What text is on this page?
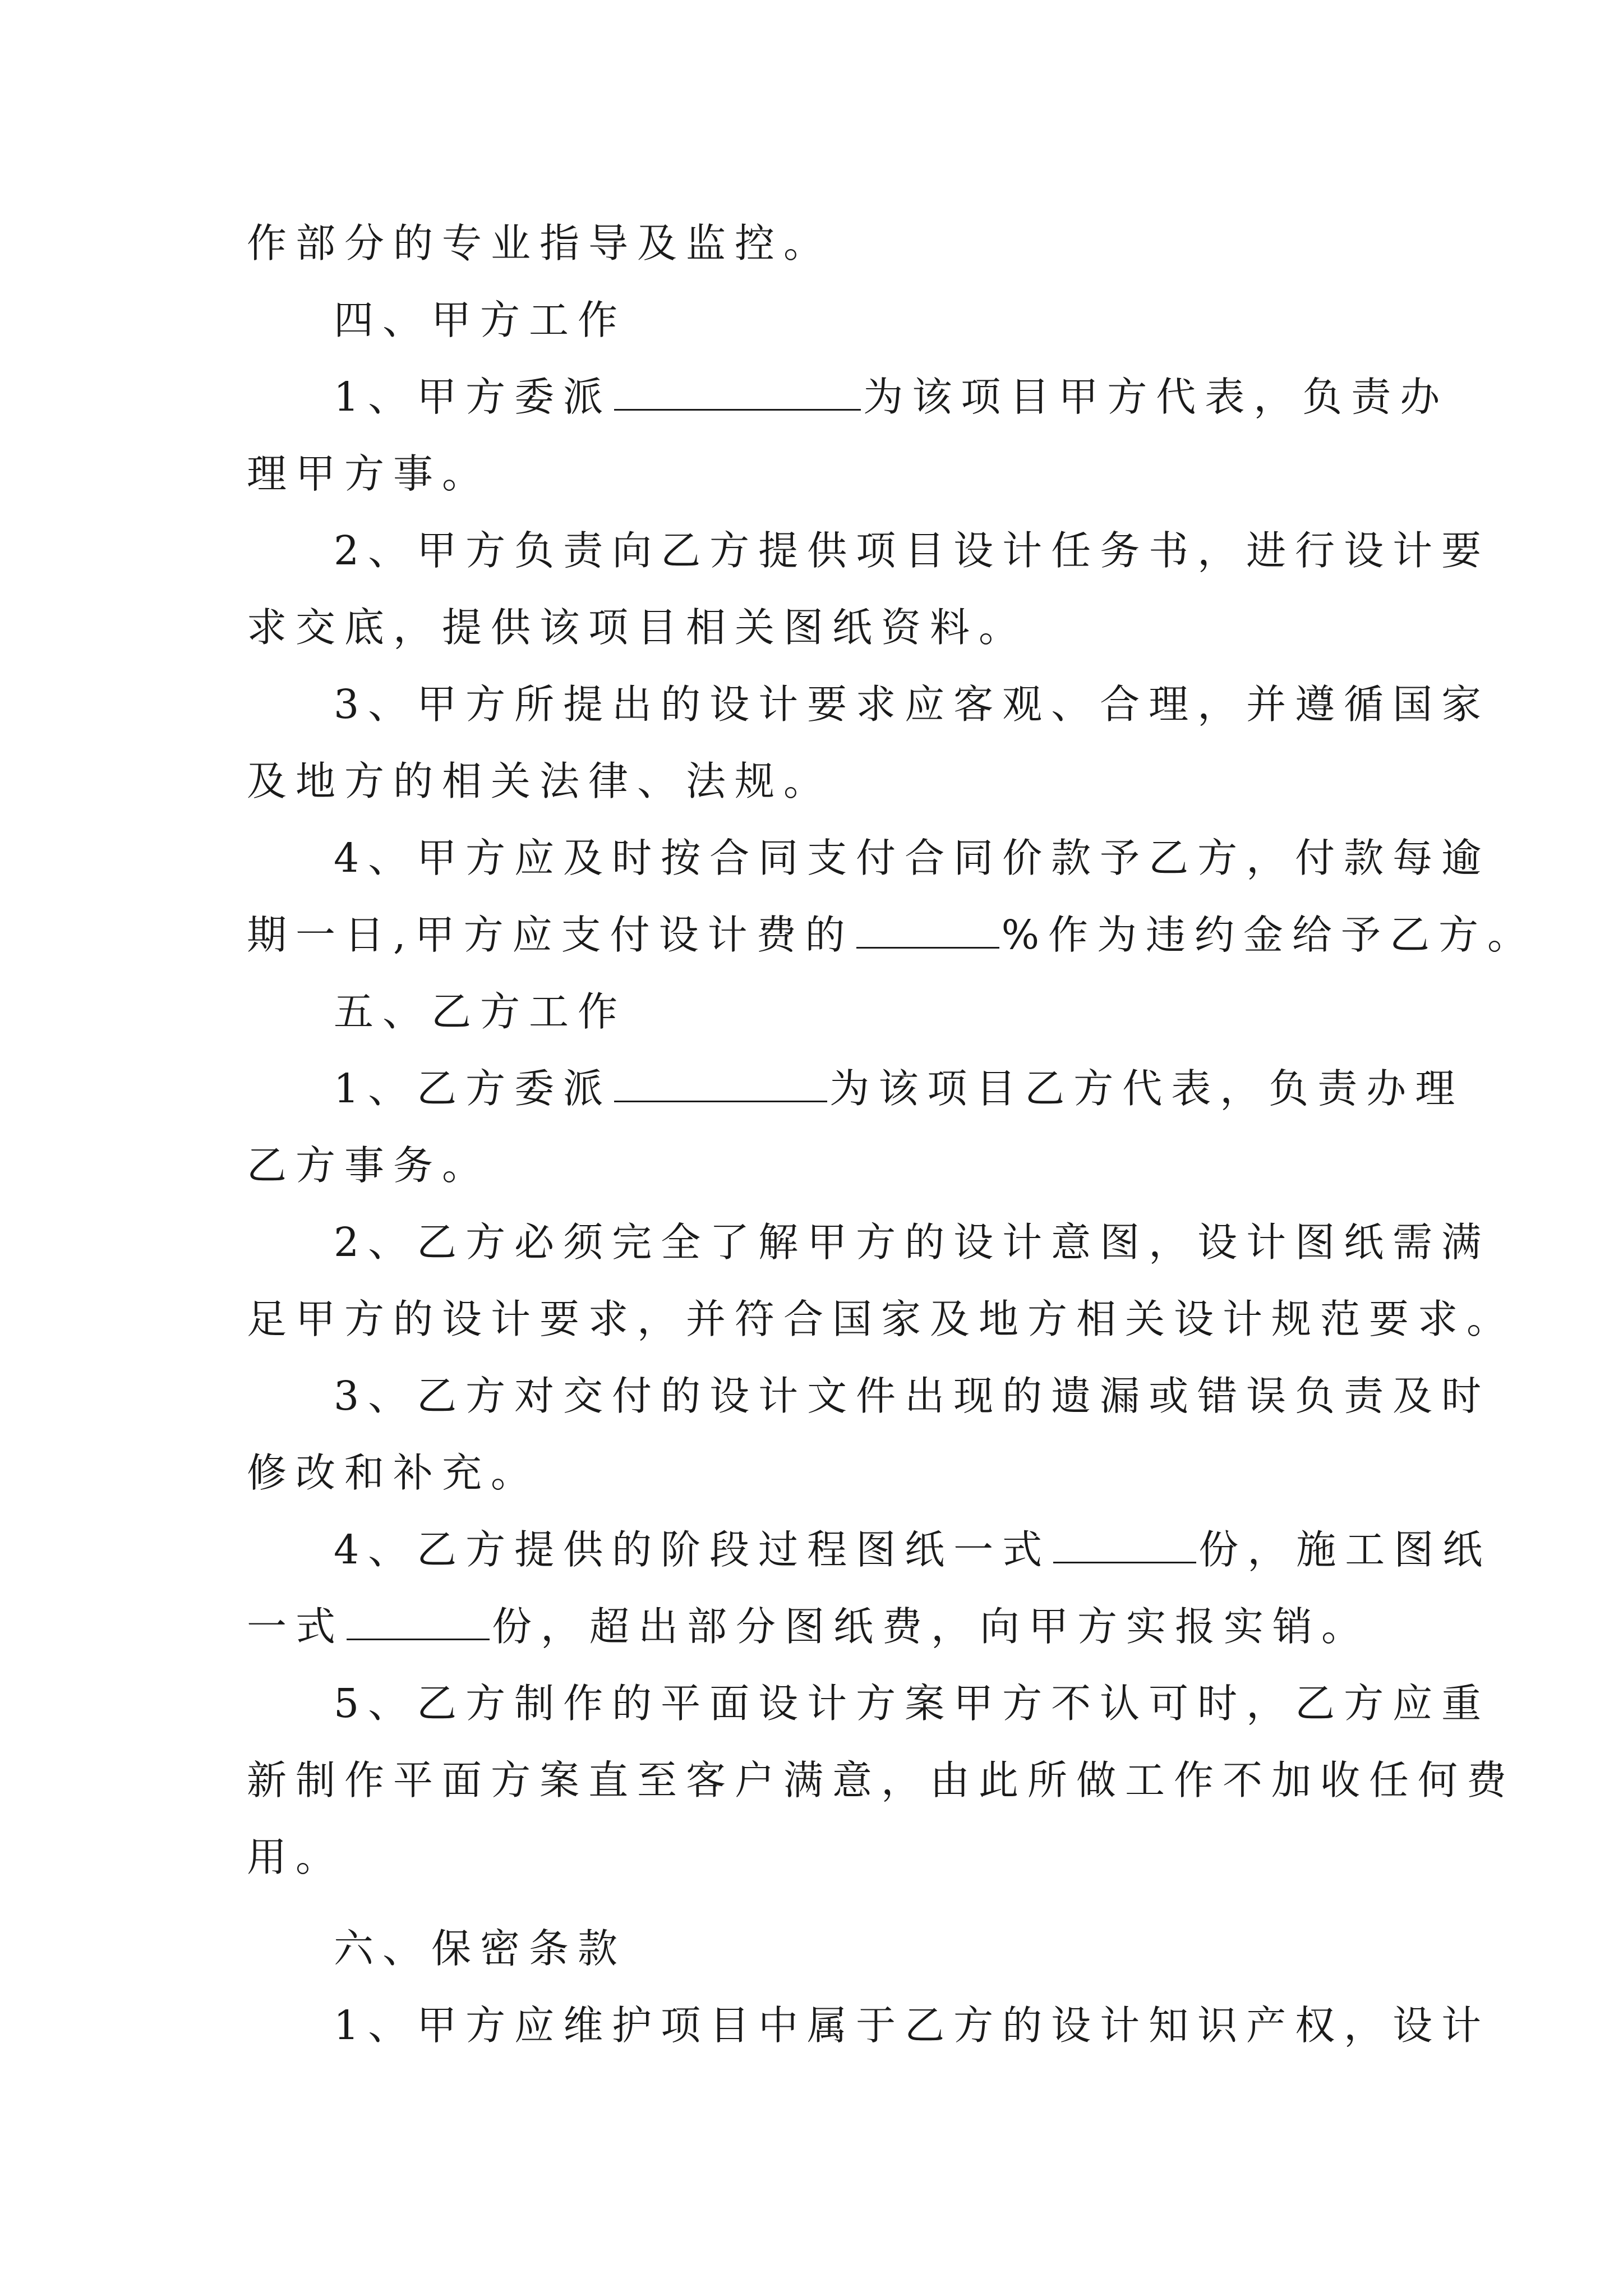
作部分的专业指导及监控。
四、甲方工作
1、甲方委派	为该项目甲方代表，负责办
理甲方事。
2、甲方负责向乙方提供项目设计任务书，进行设计要
求交底，提供该项目相关图纸资料。
3、甲方所提出的设计要求应客观、合理，并遵循国家
及地方的相关法律、法规。
4、甲方应及时按合同支付合同价款予乙方，付款每逾
期一日,甲方应支付设计费的	%作为违约金给予乙方。
五、乙方工作
1、乙方委派	为该项目乙方代表，负责办理
乙方事务。
2、乙方必须完全了解甲方的设计意图，设计图纸需满
足甲方的设计要求，并符合国家及地方相关设计规范要求。
3、乙方对交付的设计文件出现的遗漏或错误负责及时
修改和补充。
4、乙方提供的阶段过程图纸一式	份，施工图纸
一式	份，超出部分图纸费，向甲方实报实销。
5、乙方制作的平面设计方案甲方不认可时，乙方应重
新制作平面方案直至客户满意，由此所做工作不加收任何费
用。
六、保密条款
1、甲方应维护项目中属于乙方的设计知识产权，设计
